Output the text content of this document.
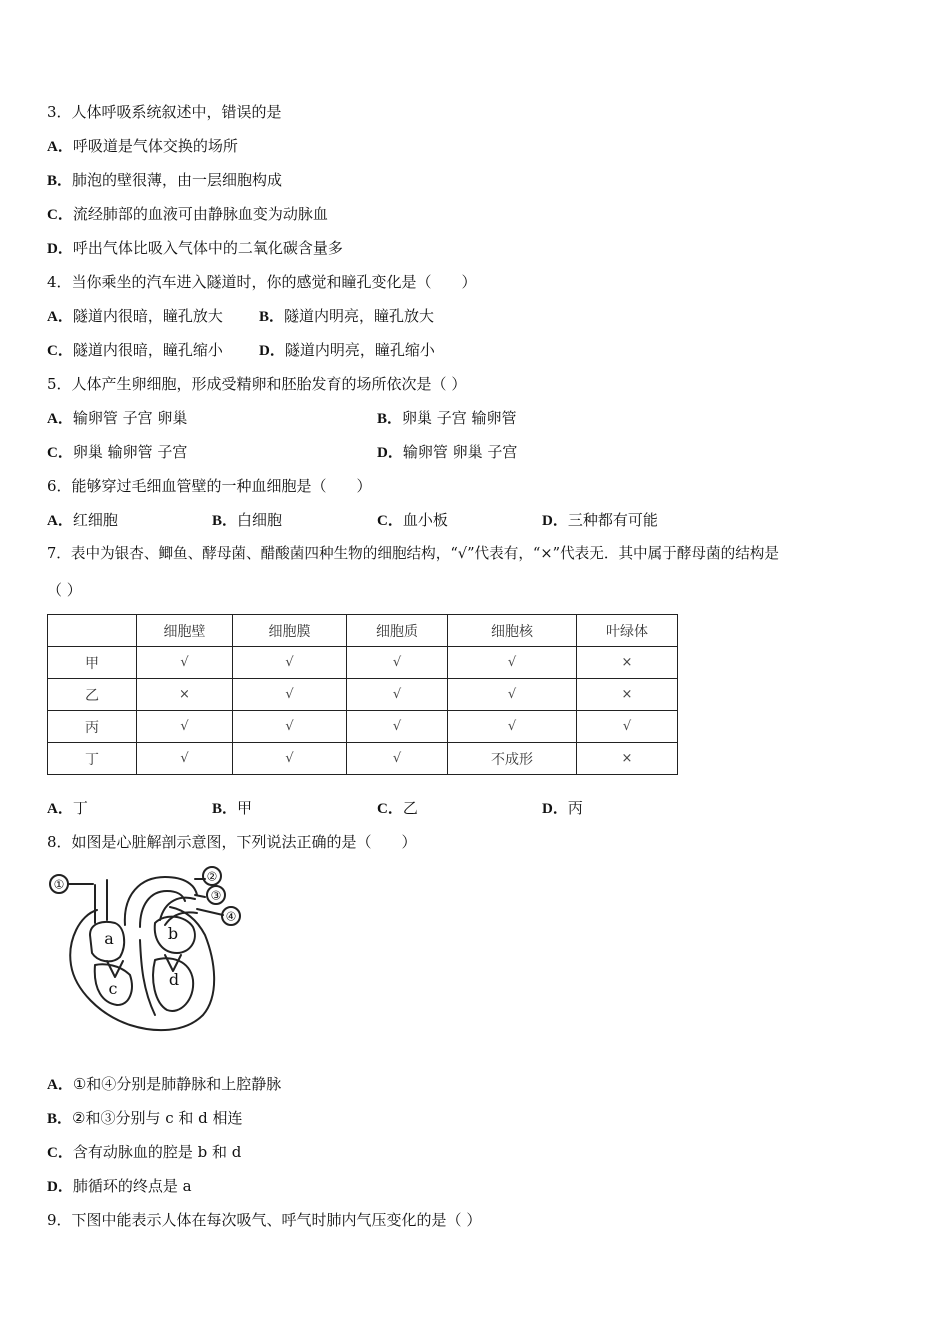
3．人体呼吸系统叙述中，错误的是
A．呼吸道是气体交换的场所
B．肺泡的壁很薄，由一层细胞构成
C．流经肺部的血液可由静脉血变为动脉血
D．呼出气体比吸入气体中的二氧化碳含量多
4．当你乘坐的汽车进入隧道时，你的感觉和瞳孔变化是（　　）
A．隧道内很暗，瞳孔放大 B．隧道内明亮，瞳孔放大
C．隧道内很暗，瞳孔缩小 D．隧道内明亮，瞳孔缩小
5．人体产生卵细胞，形成受精卵和胚胎发育的场所依次是（ ）
A．输卵管 子宫 卵巢	B．卵巢 子宫 输卵管
C．卵巢 输卵管 子宫	D．输卵管 卵巢 子宫
6．能够穿过毛细血管壁的一种血细胞是（　　）
A．红细胞	B．白细胞	C．血小板	D．三种都有可能
7．表中为银杏、鲫鱼、酵母菌、醋酸菌四种生物的细胞结构，“√”代表有，“×”代表无．其中属于酵母菌的结构是
（ ）
	细胞壁	细胞膜	细胞质	细胞核	叶绿体
甲	√	√	√	√	×
乙	×	√	√	√	×
丙	√	√	√	√	√
丁	√	√	√	不成形	×
A．丁	B．甲	C．乙	D．丙
8．如图是心脏解剖示意图，下列说法正确的是（　　）
①
②
③
④
a	b
c	d
A．①和④分别是肺静脉和上腔静脉
B．②和③分别与 c 和 d 相连
C．含有动脉血的腔是 b 和 d
D．肺循环的终点是 a
9．下图中能表示人体在每次吸气、呼气时肺内气压变化的是（ ）
